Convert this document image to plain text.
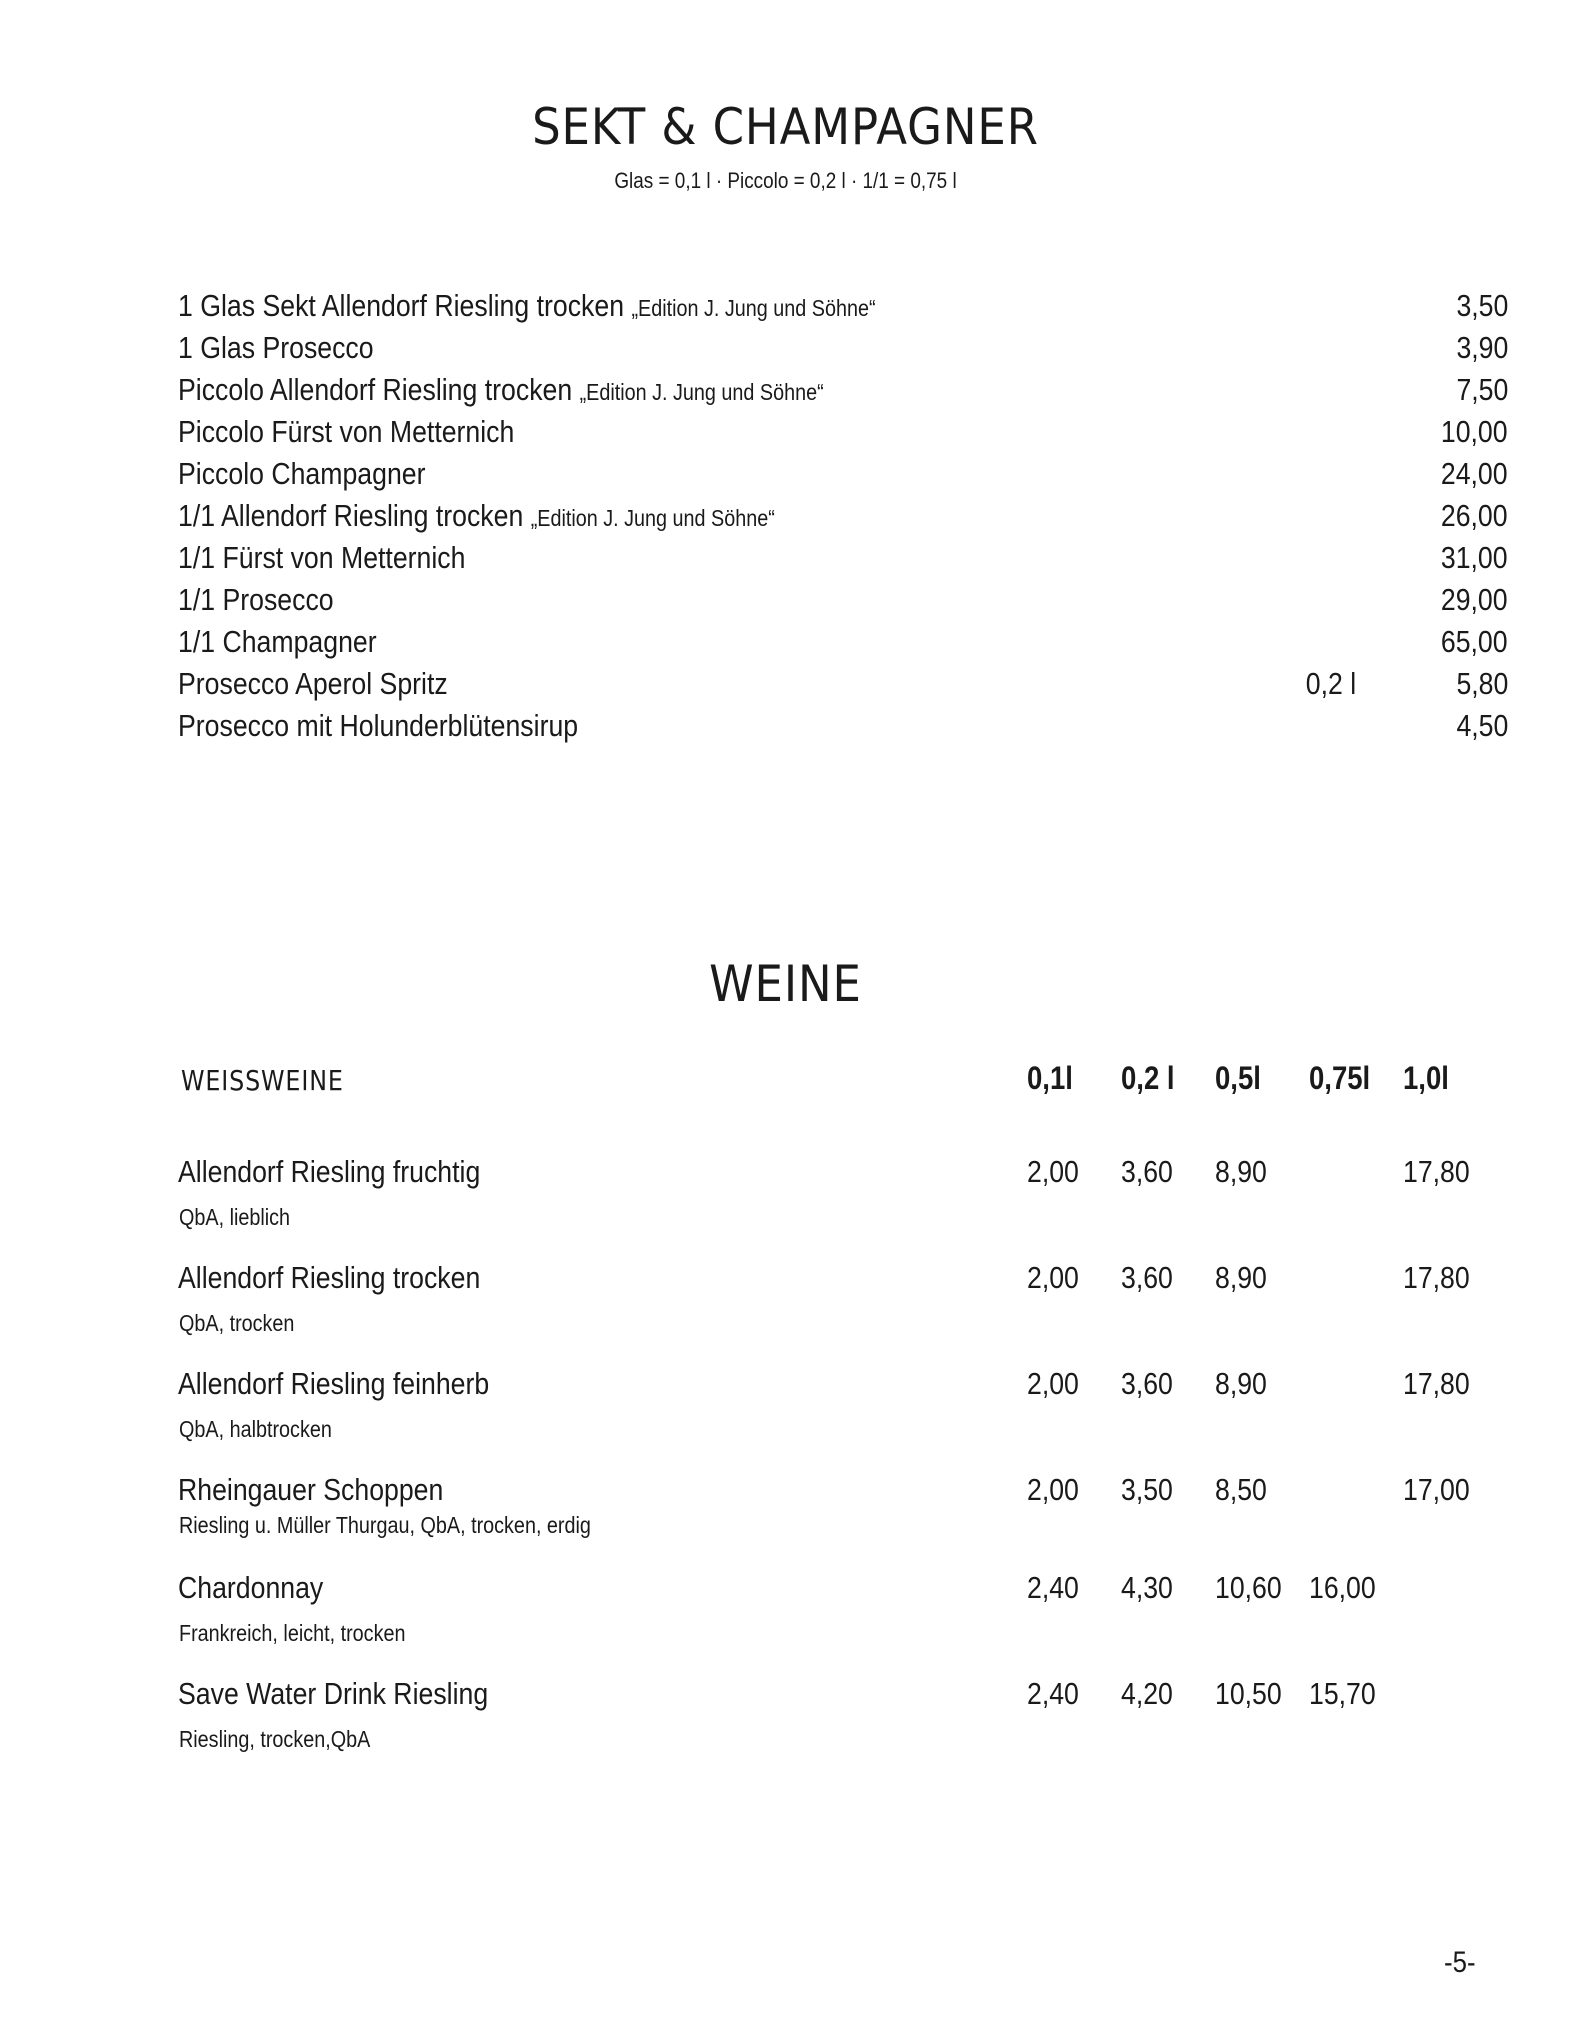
SEKT & CHAMPAGNER
Glas = 0,1 l · Piccolo = 0,2 l · 1/1 = 0,75 l
1 Glas Sekt Allendorf Riesling trocken „Edition J. Jung und Söhne“	3,50
1 Glas Prosecco	3,90
Piccolo Allendorf Riesling trocken „Edition J. Jung und Söhne“	7,50
Piccolo Fürst von Metternich	10,00
Piccolo Champagner	24,00
1/1 Allendorf Riesling trocken „Edition J. Jung und Söhne“	26,00
1/1 Fürst von Metternich	31,00
1/1 Prosecco	29,00
1/1 Champagner	65,00
Prosecco Aperol Spritz	0,2 l	5,80
Prosecco mit Holunderblütensirup	4,50
WEINE
WEISSWEINE	0,1l 0,2 l 0,5l 0,75l 1,0l
Allendorf Riesling fruchtig
QbA, lieblich
2,00 3,60 8,90	17,80
Allendorf Riesling trocken
QbA, trocken
2,00 3,60 8,90	17,80
Allendorf Riesling feinherb
QbA, halbtrocken
2,00 3,60 8,90	17,80
Rheingauer Schoppen
Riesling u. Müller Thurgau, QbA, trocken, erdig
2,00 3,50 8,50	17,00
Chardonnay
Frankreich, leicht, trocken
2,40 4,30 10,60 16,00
Save Water Drink Riesling
Riesling, trocken,QbA
2,40 4,20 10,50 15,70
-5-
